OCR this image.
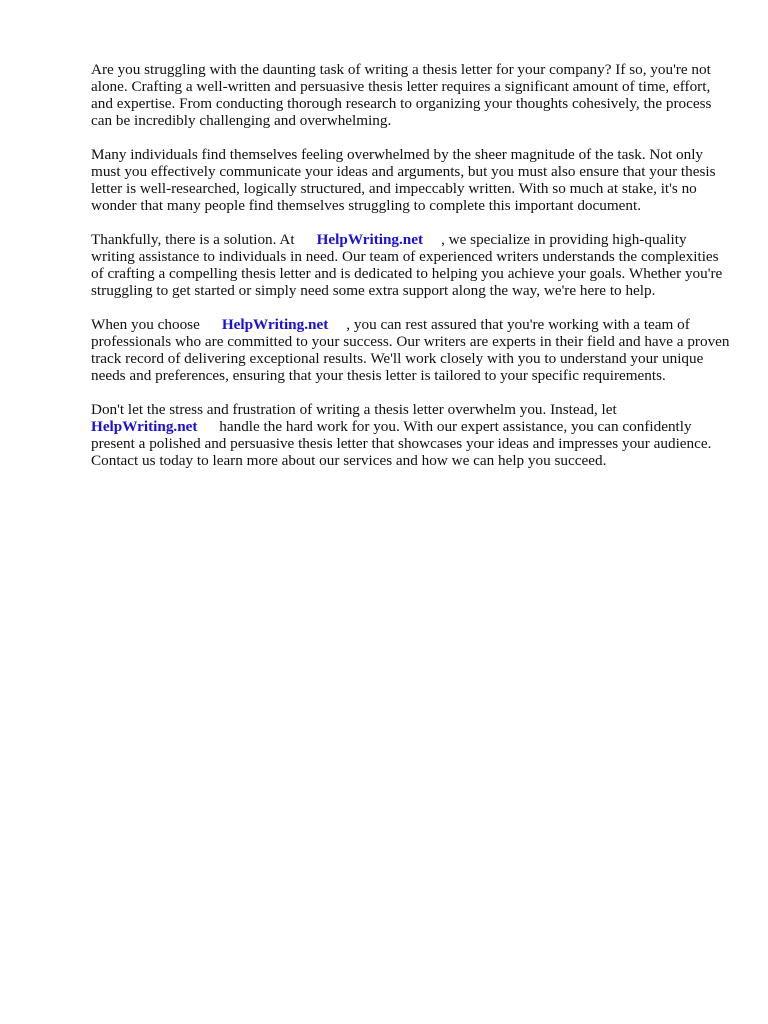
Are you struggling with the daunting task of writing a thesis letter for your company? If so, you're not alone. Crafting a well-written and persuasive thesis letter requires a significant amount of time, effort, and expertise. From conducting thorough research to organizing your thoughts cohesively, the process can be incredibly challenging and overwhelming.

Many individuals find themselves feeling overwhelmed by the sheer magnitude of the task. Not only must you effectively communicate your ideas and arguments, but you must also ensure that your thesis letter is well-researched, logically structured, and impeccably written. With so much at stake, it's no wonder that many people find themselves struggling to complete this important document.

Thankfully, there is a solution. At HelpWriting.net , we specialize in providing high-quality writing assistance to individuals in need. Our team of experienced writers understands the complexities of crafting a compelling thesis letter and is dedicated to helping you achieve your goals. Whether you're struggling to get started or simply need some extra support along the way, we're here to help.

When you choose HelpWriting.net , you can rest assured that you're working with a team of professionals who are committed to your success. Our writers are experts in their field and have a proven track record of delivering exceptional results. We'll work closely with you to understand your unique needs and preferences, ensuring that your thesis letter is tailored to your specific requirements.

Don't let the stress and frustration of writing a thesis letter overwhelm you. Instead, let HelpWriting.net handle the hard work for you. With our expert assistance, you can confidently present a polished and persuasive thesis letter that showcases your ideas and impresses your audience. Contact us today to learn more about our services and how we can help you succeed.
